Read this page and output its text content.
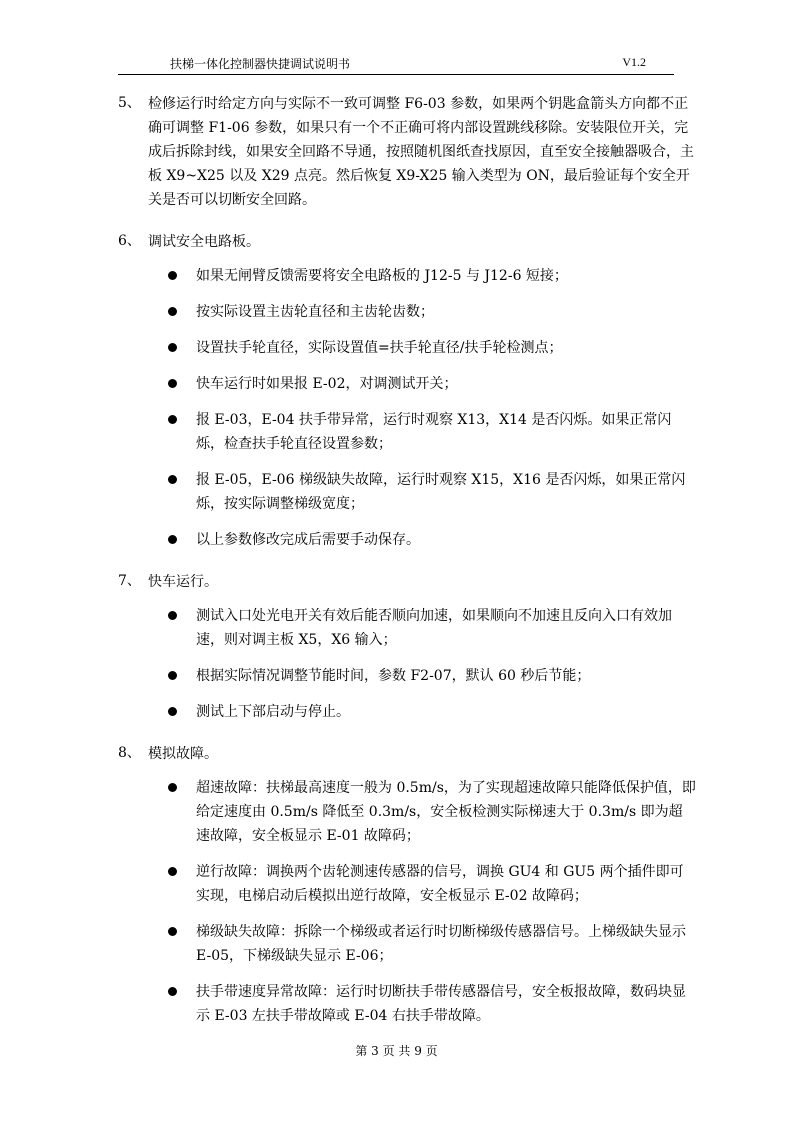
扶梯一体化控制器快捷调试说明书	V1.2
5、 检修运行时给定方向与实际不一致可调整 F6-03 参数，如果两个钥匙盒箭头方向都不正确可调整 F1-06 参数，如果只有一个不正确可将内部设置跳线移除。安装限位开关，完成后拆除封线，如果安全回路不导通，按照随机图纸查找原因，直至安全接触器吸合，主板 X9~X25 以及 X29 点亮。然后恢复 X9-X25 输入类型为 ON，最后验证每个安全开关是否可以切断安全回路。
6、 调试安全电路板。
如果无闸臂反馈需要将安全电路板的 J12-5 与 J12-6 短接；
按实际设置主齿轮直径和主齿轮齿数；
设置扶手轮直径，实际设置值=扶手轮直径/扶手轮检测点；
快车运行时如果报 E-02，对调测试开关；
报 E-03，E-04 扶手带异常，运行时观察 X13，X14 是否闪烁。如果正常闪烁，检查扶手轮直径设置参数；
报 E-05，E-06 梯级缺失故障，运行时观察 X15，X16 是否闪烁，如果正常闪烁，按实际调整梯级宽度；
以上参数修改完成后需要手动保存。
7、 快车运行。
测试入口处光电开关有效后能否顺向加速，如果顺向不加速且反向入口有效加速，则对调主板 X5，X6 输入；
根据实际情况调整节能时间，参数 F2-07，默认 60 秒后节能；
测试上下部启动与停止。
8、 模拟故障。
超速故障：扶梯最高速度一般为 0.5m/s，为了实现超速故障只能降低保护值，即给定速度由 0.5m/s 降低至 0.3m/s，安全板检测实际梯速大于 0.3m/s 即为超速故障，安全板显示 E-01 故障码；
逆行故障：调换两个齿轮测速传感器的信号，调换 GU4 和 GU5 两个插件即可实现，电梯启动后模拟出逆行故障，安全板显示 E-02 故障码；
梯级缺失故障：拆除一个梯级或者运行时切断梯级传感器信号。上梯级缺失显示 E-05，下梯级缺失显示 E-06；
扶手带速度异常故障：运行时切断扶手带传感器信号，安全板报故障，数码块显示 E-03 左扶手带故障或 E-04 右扶手带故障。
第 3 页 共 9 页
